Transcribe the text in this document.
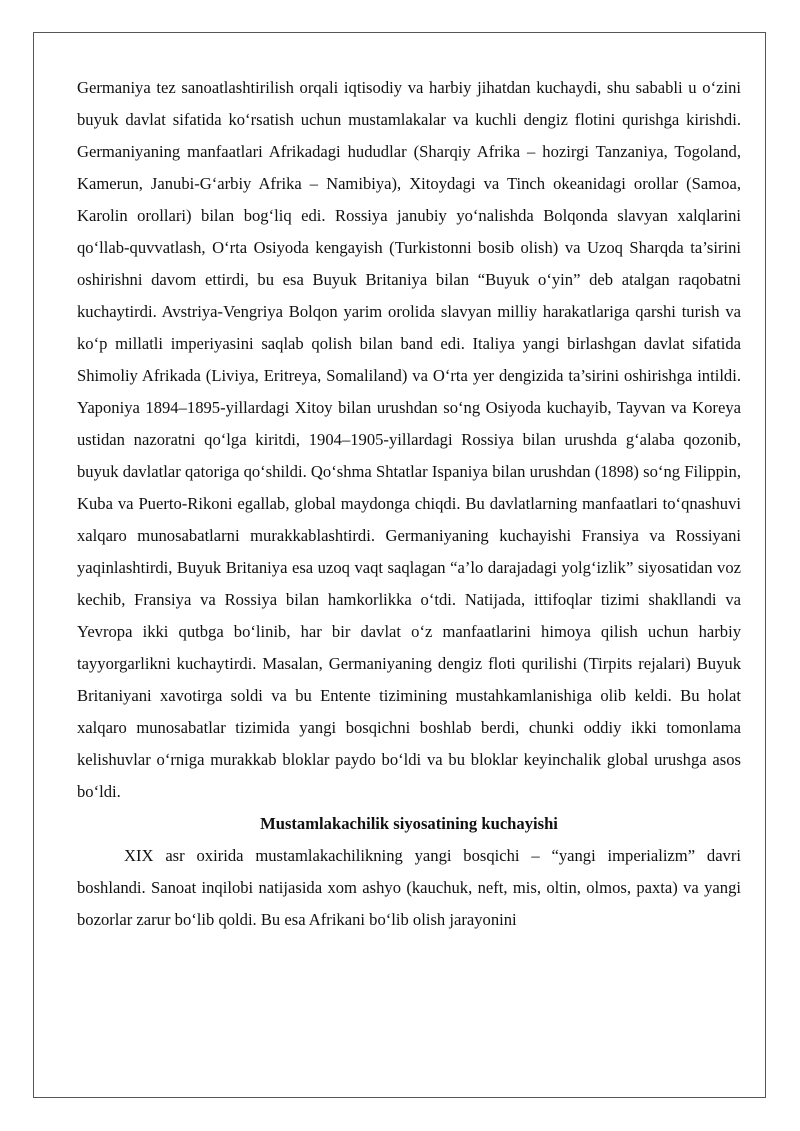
Germaniya tez sanoatlashtirilish orqali iqtisodiy va harbiy jihatdan kuchaydi, shu sababli u o‘zini buyuk davlat sifatida ko‘rsatish uchun mustamlakalar va kuchli dengiz flotini qurishga kirishdi. Germaniyaning manfaatlari Afrikadagi hududlar (Sharqiy Afrika – hozirgi Tanzaniya, Togoland, Kamerun, Janubi-G‘arbiy Afrika – Namibiya), Xitoydagi va Tinch okeanidagi orollar (Samoa, Karolin orollari) bilan bog‘liq edi. Rossiya janubiy yo‘nalishda Bolqonda slavyan xalqlarini qo‘llab-quvvatlash, O‘rta Osiyoda kengayish (Turkistonni bosib olish) va Uzoq Sharqda ta’sirini oshirishni davom ettirdi, bu esa Buyuk Britaniya bilan “Buyuk o‘yin” deb atalgan raqobatni kuchaytirdi. Avstriya-Vengriya Bolqon yarim orolida slavyan milliy harakatlariga qarshi turish va ko‘p millatli imperiyasini saqlab qolish bilan band edi. Italiya yangi birlashgan davlat sifatida Shimoliy Afrikada (Liviya, Eritreya, Somaliland) va O‘rta yer dengizida ta’sirini oshirishga intildi. Yaponiya 1894–1895-yillardagi Xitoy bilan urushdan so‘ng Osiyoda kuchayib, Tayvan va Koreya ustidan nazoratni qo‘lga kiritdi, 1904–1905-yillardagi Rossiya bilan urushda g‘alaba qozonib, buyuk davlatlar qatoriga qo‘shildi. Qo‘shma Shtatlar Ispaniya bilan urushdan (1898) so‘ng Filippin, Kuba va Puerto-Rikoni egallab, global maydonga chiqdi. Bu davlatlarning manfaatlari to‘qnashuvi xalqaro munosabatlarni murakkablashtirdi. Germaniyaning kuchayishi Fransiya va Rossiyani yaqinlashtirdi, Buyuk Britaniya esa uzoq vaqt saqlagan “a’lo darajadagi yolg‘izlik” siyosatidan voz kechib, Fransiya va Rossiya bilan hamkorlikka o‘tdi. Natijada, ittifoqlar tizimi shakllandi va Yevropa ikki qutbga bo‘linib, har bir davlat o‘z manfaatlarini himoya qilish uchun harbiy tayyorgarlikni kuchaytirdi. Masalan, Germaniyaning dengiz floti qurilishi (Tirpits rejalari) Buyuk Britaniyani xavotirga soldi va bu Entente tizimining mustahkamlanishiga olib keldi. Bu holat xalqaro munosabatlar tizimida yangi bosqichni boshlab berdi, chunki oddiy ikki tomonlama kelishuvlar o‘rniga murakkab bloklar paydo bo‘ldi va bu bloklar keyinchalik global urushga asos bo‘ldi.

Mustamlakachilik siyosatining kuchayishi

XIX asr oxirida mustamlakachilikning yangi bosqichi – “yangi imperializm” davri boshlandi. Sanoat inqilobi natijasida xom ashyo (kauchuk, neft, mis, oltin, olmos, paxta) va yangi bozorlar zarur bo‘lib qoldi. Bu esa Afrikani bo‘lib olish jarayonini
